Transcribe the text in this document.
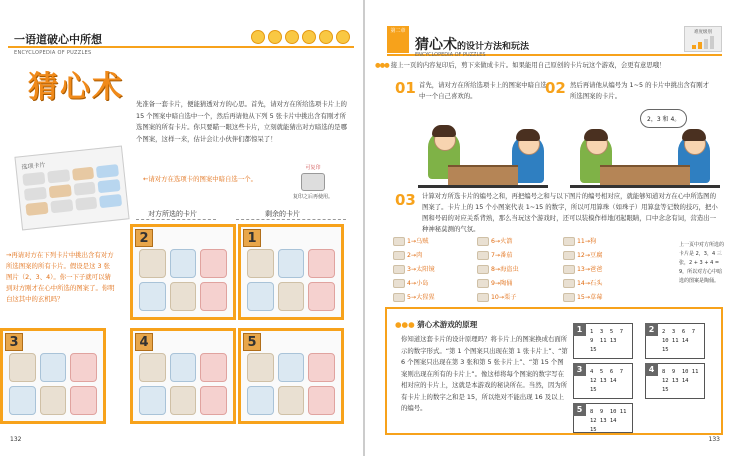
一语道破心中所想
ENCYCLOPEDIA OF PUZZLES
猜心术 先准备一套卡片，便能猜透对方的心思。首先，请对方在所给选项卡片上的 15 个图案中暗自选中一个，然后再请他从下列 5 张卡片中挑出含有刚才所选图案的所有卡片。你只要瞄一眼这些卡片，立刻就能猜出对方暗选的是哪个图案，这样一来，估计会让小伙伴们都惊呆了！
选项卡片	可复印
复印之后再使用。
←请对方在选项卡的图案中暗自选一个。
→再请对方在下列卡片中挑出含有对方所选图案的所有卡片。假设是这 3 张图片（2、3、4）。你一下子就可以猜到对方刚才在心中所选的图案了。你明白这其中的玄机吗？
对方所选的卡片	剩余的卡片
2	1
3	4	5
132
第二章
猜心术的设计方法和玩法
ENCYCLOPEDIA OF PUZZLES
难度级别
●●● 接上一页的内容复印后，剪下来做成卡片。如果能用自己原创的卡片玩这个游戏，会更有意思哦！
01 首先，请对方在所给选项卡上的图案中暗自选中一个自己喜欢的。	02 然后再请他从编号为 1~5 的卡片中挑出含有刚才所选图案的卡片。
2，3 和 4。
03 计算对方所选卡片的编号之和，再把编号之和与以下图片的编号相对应，就能够知道对方在心中所选图的图案了。卡片上的 15 个小图案代表 1~15 的数字，所以可用算珠（如珠子）用算盘等记数的技巧，把小图和号码的对应关系背熟，那么当玩这个游戏时，还可以装模作样地闭起眼睛，口中念念有词，营造出一种神秘莫测的气氛。
上一页中对方所选的卡片是 2，3，4 三张，2 + 3 + 4 = 9，所以对方心中暗选的图案是陶俑。
●●● 猜心术游戏的原理
你知道这套卡片的设计原理吗？将卡片上的图案换成右面所示的数字形式。“第 1 个图案只出现在第 1 张卡片上”、“第 6 个图案只出现在第 3 张和第 5 张卡片上”、“第 15 个图案则出现在所有的卡片上”。像这样将每个图案的数字写在相对应的卡片上，这就是本游戏的秘诀所在。当然，因为所有卡片上的数字之和是 15，所以绝对不能出现 16 及以上的编号。
1	1  3  5  7
9  11 13
15
2	2  3  6  7
10 11 14
15
3	4  5  6  7
12 13 14
15
4	8  9  10 11
12 13 14
15
5	8  9  10 11
12 13 14
15
133
1→乌贼
2→肉
3→太阳镜
4→小岛
5→大猩猩
6→火箭
7→番茄
8→海盗虫
9→陶俑
10→栗子
11→狗
12→豆腐
13→爸爸
14→石头
15→草莓
